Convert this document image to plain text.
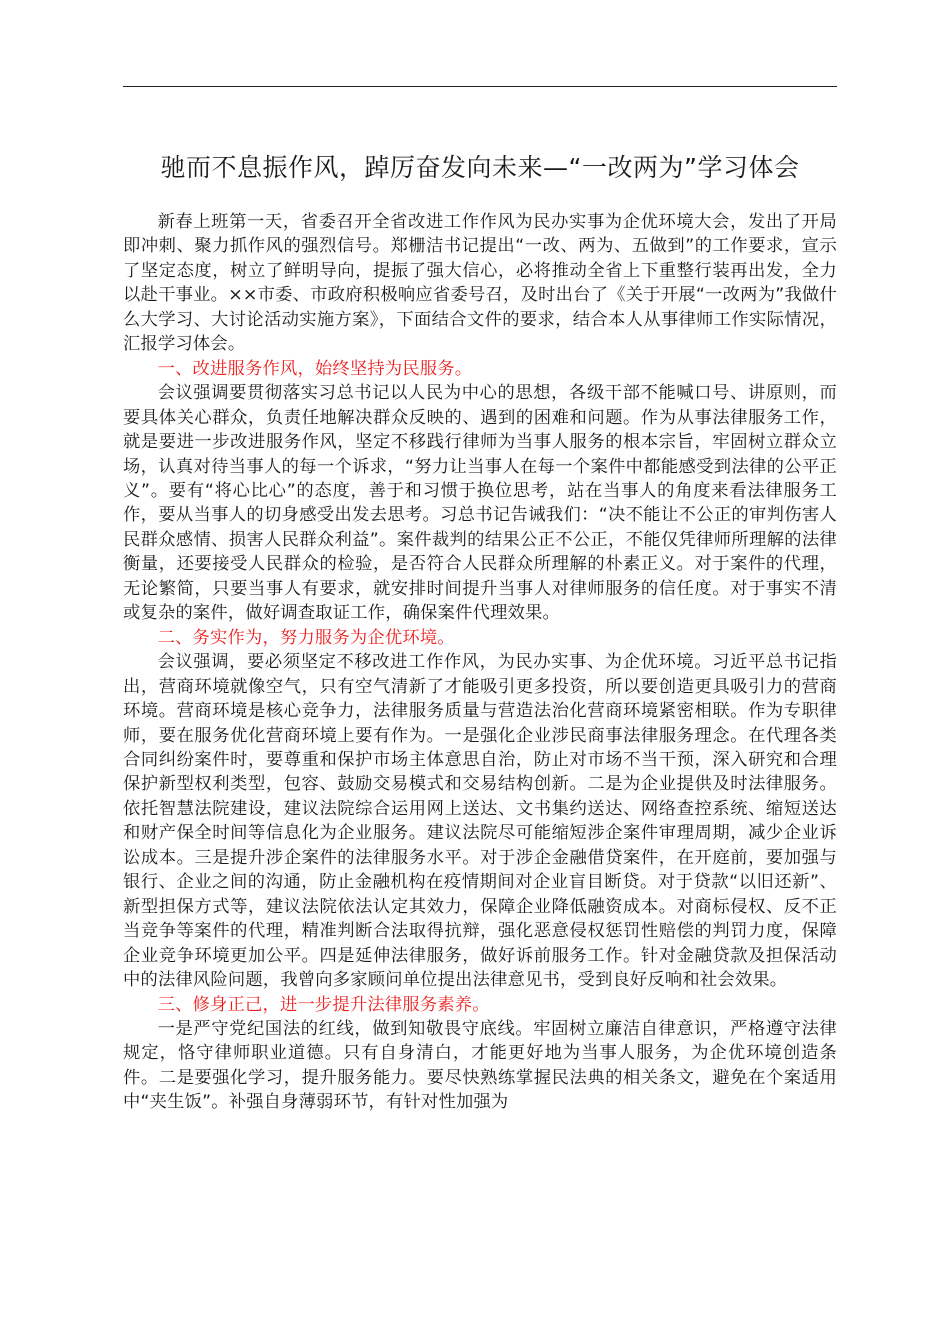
驰而不息振作风，踔厉奋发向未来—“一改两为”学习体会

新春上班第一天，省委召开全省改进工作作风为民办实事为企优环境大会，发出了开局即冲刺、聚力抓作风的强烈信号。郑栅洁书记提出“一改、两为、五做到”的工作要求，宣示了坚定态度，树立了鲜明导向，提振了强大信心，必将推动全省上下重整行装再出发，全力以赴干事业。××市委、市政府积极响应省委号召，及时出台了《关于开展“一改两为”我做什么大学习、大讨论活动实施方案》，下面结合文件的要求，结合本人从事律师工作实际情况，汇报学习体会。

一、改进服务作风，始终坚持为民服务。

会议强调要贯彻落实习总书记以人民为中心的思想，各级干部不能喊口号、讲原则，而要具体关心群众，负责任地解决群众反映的、遇到的困难和问题。作为从事法律服务工作，就是要进一步改进服务作风，坚定不移践行律师为当事人服务的根本宗旨，牢固树立群众立场，认真对待当事人的每一个诉求，“努力让当事人在每一个案件中都能感受到法律的公平正义”。要有“将心比心”的态度，善于和习惯于换位思考，站在当事人的角度来看法律服务工作，要从当事人的切身感受出发去思考。习总书记告诫我们：“决不能让不公正的审判伤害人民群众感情、损害人民群众利益”。案件裁判的结果公正不公正，不能仅凭律师所理解的法律衡量，还要接受人民群众的检验，是否符合人民群众所理解的朴素正义。对于案件的代理，无论繁简，只要当事人有要求，就安排时间提升当事人对律师服务的信任度。对于事实不清或复杂的案件，做好调查取证工作，确保案件代理效果。

二、务实作为，努力服务为企优环境。

会议强调，要必须坚定不移改进工作作风，为民办实事、为企优环境。习近平总书记指出，营商环境就像空气，只有空气清新了才能吸引更多投资，所以要创造更具吸引力的营商环境。营商环境是核心竞争力，法律服务质量与营造法治化营商环境紧密相联。作为专职律师，要在服务优化营商环境上要有作为。一是强化企业涉民商事法律服务理念。在代理各类合同纠纷案件时，要尊重和保护市场主体意思自治，防止对市场不当干预，深入研究和合理保护新型权利类型，包容、鼓励交易模式和交易结构创新。二是为企业提供及时法律服务。依托智慧法院建设，建议法院综合运用网上送达、文书集约送达、网络查控系统、缩短送达和财产保全时间等信息化为企业服务。建议法院尽可能缩短涉企案件审理周期，减少企业诉讼成本。三是提升涉企案件的法律服务水平。对于涉企金融借贷案件，在开庭前，要加强与银行、企业之间的沟通，防止金融机构在疫情期间对企业盲目断贷。对于贷款“以旧还新”、新型担保方式等，建议法院依法认定其效力，保障企业降低融资成本。对商标侵权、反不正当竞争等案件的代理，精准判断合法取得抗辩，强化恶意侵权惩罚性赔偿的判罚力度，保障企业竞争环境更加公平。四是延伸法律服务，做好诉前服务工作。针对金融贷款及担保活动中的法律风险问题，我曾向多家顾问单位提出法律意见书，受到良好反响和社会效果。

三、修身正己，进一步提升法律服务素养。

一是严守党纪国法的红线，做到知敬畏守底线。牢固树立廉洁自律意识，严格遵守法律规定，恪守律师职业道德。只有自身清白，才能更好地为当事人服务，为企优环境创造条件。二是要强化学习，提升服务能力。要尽快熟练掌握民法典的相关条文，避免在个案适用中“夹生饭”。补强自身薄弱环节，有针对性加强为
